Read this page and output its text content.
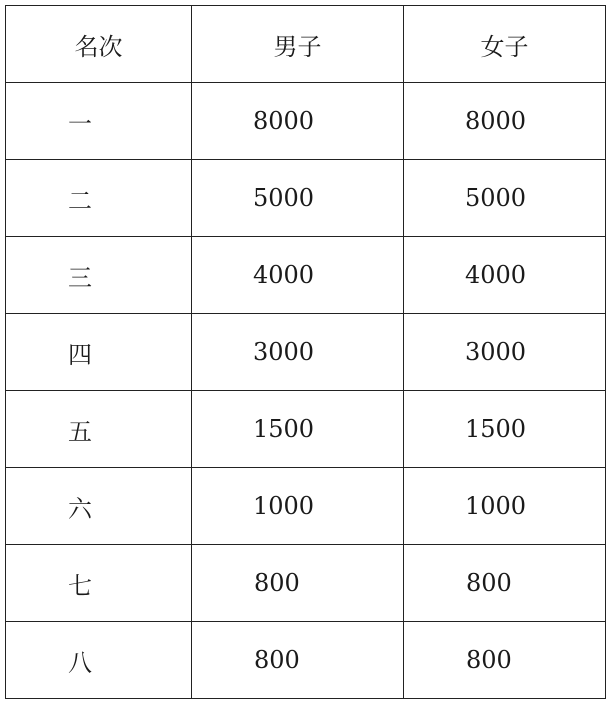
名次	男子	女子
一	8000	8000
二	5000	5000
三	4000	4000
四	3000	3000
五	1500	1500
六	1000	1000
七	800	800
八	800	800
